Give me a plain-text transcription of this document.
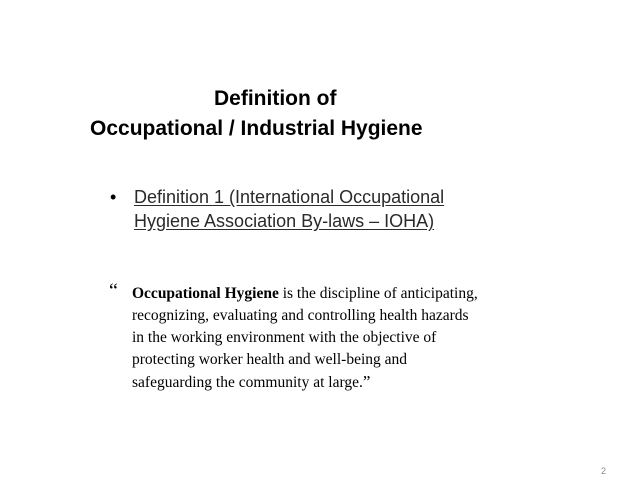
Definition of
Occupational / Industrial Hygiene
• Definition 1 (International Occupational
Hygiene Association By-laws – IOHA)
“ Occupational Hygiene is the discipline of anticipating,
recognizing, evaluating and controlling health hazards
in the working environment with the objective of
protecting worker health and well-being and
safeguarding the community at large.”
2
